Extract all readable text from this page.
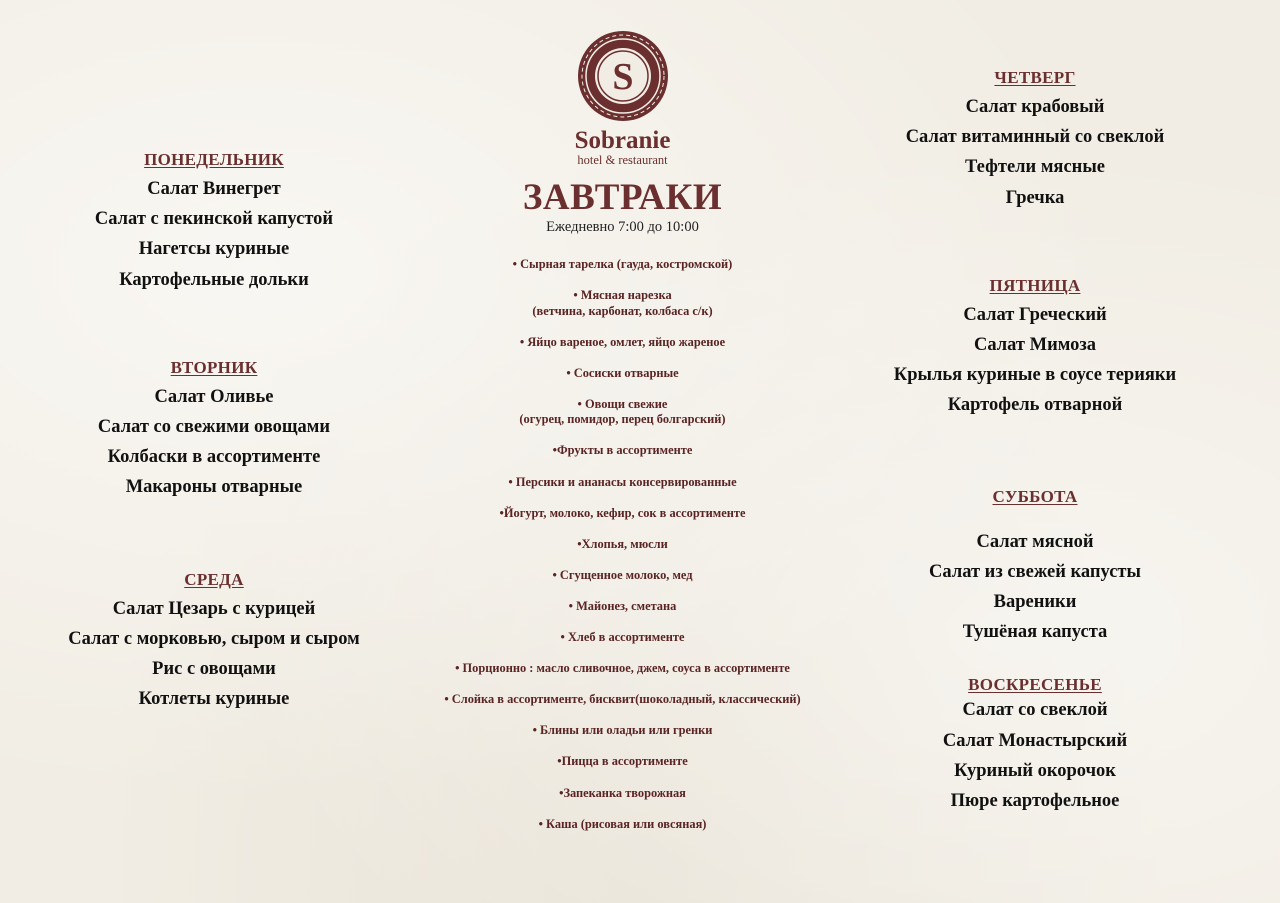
ПОНЕДЕЛЬНИК
Салат Винегрет
Салат с пекинской капустой
Нагетсы куриные
Картофельные дольки
ВТОРНИК
Салат Оливье
Салат со свежими овощами
Колбаски в ассортименте
Макароны отварные
СРЕДА
Салат Цезарь с курицей
Салат с морковью, сыром и сыром
Рис с овощами
Котлеты куриные
S
Sobranie
hotel & restaurant
ЗАВТРАКИ
Ежедневно 7:00 до 10:00
• Сырная тарелка (гауда, костромской)
• Мясная нарезка
(ветчина, карбонат, колбаса с/к)
• Яйцо вареное, омлет, яйцо жареное
• Сосиски отварные
• Овощи свежие
(огурец, помидор, перец болгарский)
•Фрукты в ассортименте
• Персики и ананасы консервированные
•Йогурт, молоко, кефир, сок в ассортименте
•Хлопья, мюсли
• Сгущенное молоко, мед
• Майонез, сметана
• Хлеб в ассортименте
• Порционно : масло сливочное, джем, соуса в ассортименте
• Слойка в ассортименте, бисквит(шоколадный, классический)
• Блины или оладьи или гренки
•Пицца в ассортименте
•Запеканка творожная
• Каша (рисовая или овсяная)
ЧЕТВЕРГ
Салат крабовый
Салат витаминный со свеклой
Тефтели мясные
Гречка
ПЯТНИЦА
Салат Греческий
Салат Мимоза
Крылья куриные в соусе терияки
Картофель отварной
СУББОТА
Салат мясной
Салат из свежей капусты
Вареники
Тушёная капуста
ВОСКРЕСЕНЬЕ
Салат со свеклой
Салат Монастырский
Куриный окорочок
Пюре картофельное
